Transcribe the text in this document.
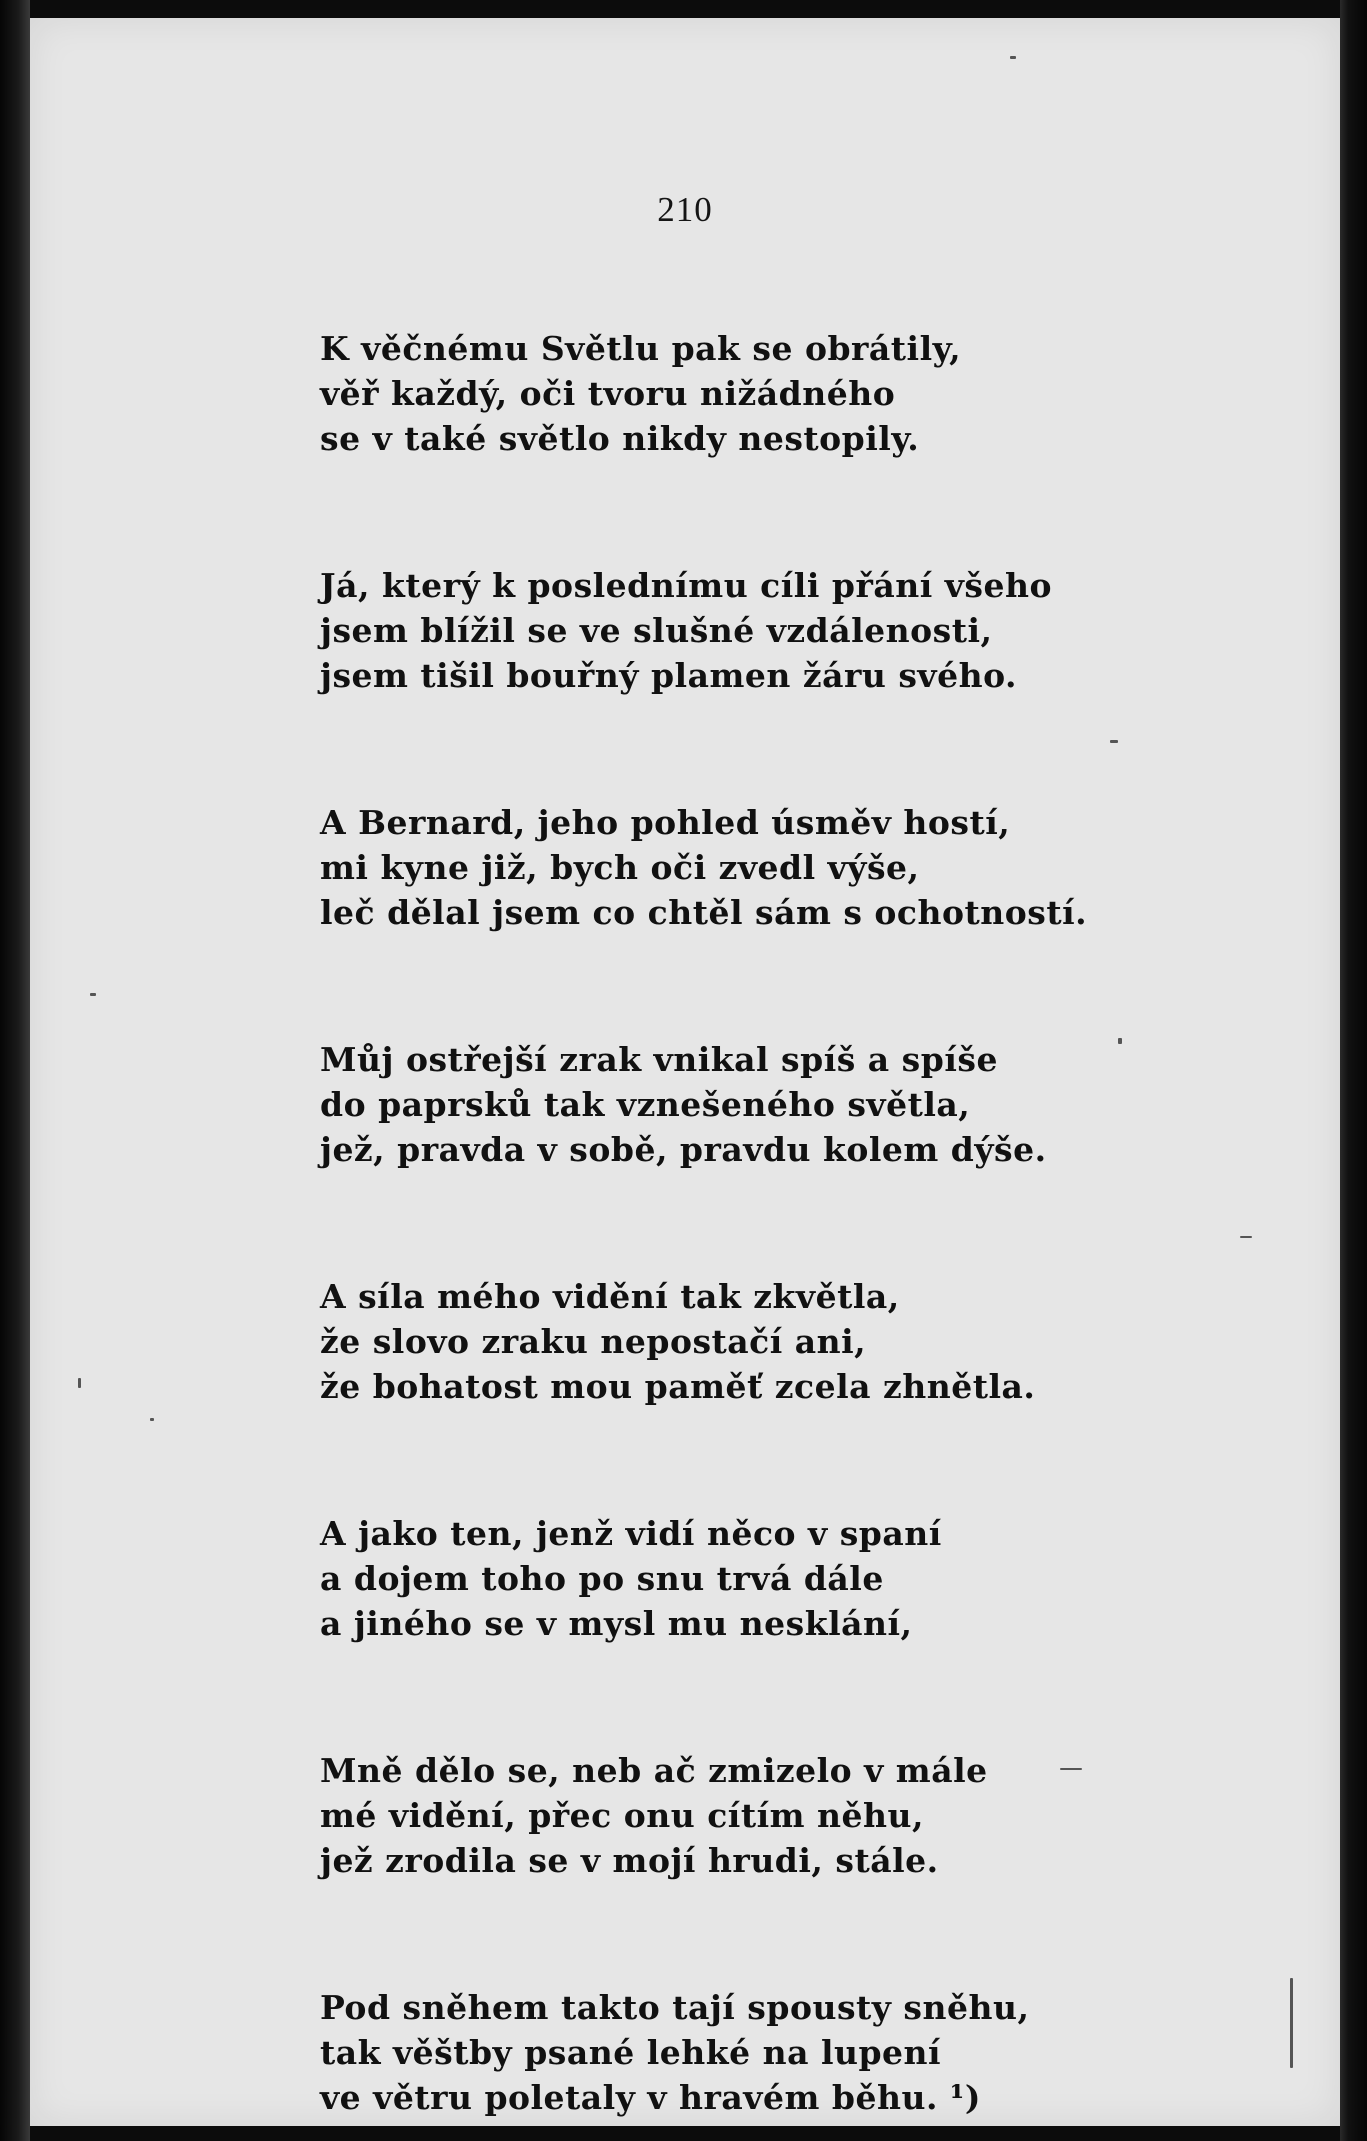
210
K věčnému Světlu pak se obrátily,
věř každý, oči tvoru nižádného
se v také světlo nikdy nestopily.
Já, který k poslednímu cíli přání všeho
jsem blížil se ve slušné vzdálenosti,
jsem tišil bouřný plamen žáru svého.
A Bernard, jeho pohled úsměv hostí,
mi kyne již, bych oči zvedl výše,
leč dělal jsem co chtěl sám s ochotností.
Můj ostřejší zrak vnikal spíš a spíše
do paprsků tak vznešeného světla,
jež, pravda v sobě, pravdu kolem dýše.
A síla mého vidění tak zkvětla,
že slovo zraku nepostačí ani,
že bohatost mou paměť zcela zhnětla.
A jako ten, jenž vidí něco v spaní
a dojem toho po snu trvá dále
a jiného se v mysl mu nesklání,
Mně dělo se, neb ač zmizelo v mále
mé vidění, přec onu cítím něhu,
jež zrodila se v mojí hrudi, stále.
Pod sněhem takto tají spousty sněhu,
tak věštby psané lehké na lupení
ve větru poletaly v hravém běhu. ¹)
